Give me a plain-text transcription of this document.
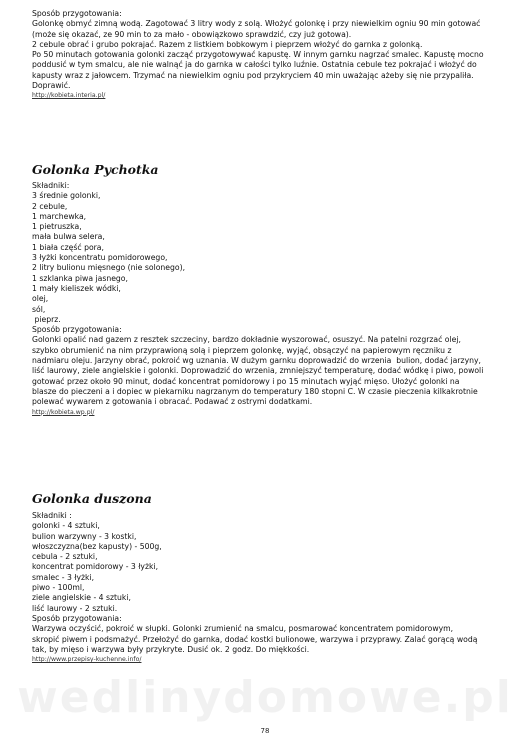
Sposób przygotowania:
Golonkę obmyć zimną wodą. Zagotować 3 litry wody z solą. Włożyć golonkę i przy niewielkim ogniu 90 min gotować
(może się okazać, ze 90 min to za mało - obowiązkowo sprawdzić, czy już gotowa).
2 cebule obrać i grubo pokrajać. Razem z listkiem bobkowym i pieprzem włożyć do garnka z golonką.
Po 50 minutach gotowania golonki zacząć przygotowywać kapustę. W innym garnku nagrzać smalec. Kapustę mocno
poddusić w tym smalcu, ale nie walnąć ja do garnka w całości tylko luźnie. Ostatnia cebule tez pokrajać i włożyć do
kapusty wraz z jałowcem. Trzymać na niewielkim ogniu pod przykryciem 40 min uważając ażeby się nie przypaliła.
Doprawić.
http://kobieta.interia.pl/
Golonka Pychotka
Składniki:
3 średnie golonki,
2 cebule,
1 marchewka,
1 pietruszka,
mała bulwa selera,
1 biała część pora,
3 łyżki koncentratu pomidorowego,
2 litry bulionu mięsnego (nie solonego),
1 szklanka piwa jasnego,
1 mały kieliszek wódki,
olej,
sól,
pieprz.
Sposób przygotowania:
Golonki opalić nad gazem z resztek szczeciny, bardzo dokładnie wyszorować, osuszyć. Na patelni rozgrzać olej,
szybko obrumienić na nim przyprawioną solą i pieprzem golonkę, wyjąć, obsączyć na papierowym ręczniku z
nadmiaru oleju. Jarzyny obrać, pokroić wg uznania. W dużym garnku doprowadzić do wrzenia  bulion, dodać jarzyny,
liść laurowy, ziele angielskie i golonki. Doprowadzić do wrzenia, zmniejszyć temperaturę, dodać wódkę i piwo, powoli
gotować przez około 90 minut, dodać koncentrat pomidorowy i po 15 minutach wyjąć mięso. Ułożyć golonki na
blasze do pieczeni a i dopiec w piekarniku nagrzanym do temperatury 180 stopni C. W czasie pieczenia kilkakrotnie
polewać wywarem z gotowania i obracać. Podawać z ostrymi dodatkami.
http://kobieta.wp.pl/
Golonka duszona
Składniki :
golonki - 4 sztuki,
bulion warzywny - 3 kostki,
włoszczyzna(bez kapusty) - 500g,
cebula - 2 sztuki,
koncentrat pomidorowy - 3 łyżki,
smalec - 3 łyżki,
piwo - 100ml,
ziele angielskie - 4 sztuki,
liść laurowy - 2 sztuki.
Sposób przygotowania:
Warzywa oczyścić, pokroić w słupki. Golonki zrumienić na smalcu, posmarować koncentratem pomidorowym,
skropić piwem i podsmażyć. Przełożyć do garnka, dodać kostki bulionowe, warzywa i przyprawy. Zalać gorącą wodą
tak, by mięso i warzywa były przykryte. Dusić ok. 2 godz. Do miękkości.
http://www.przepisy-kuchenne.info/
wedlinydomowe.pl
78
